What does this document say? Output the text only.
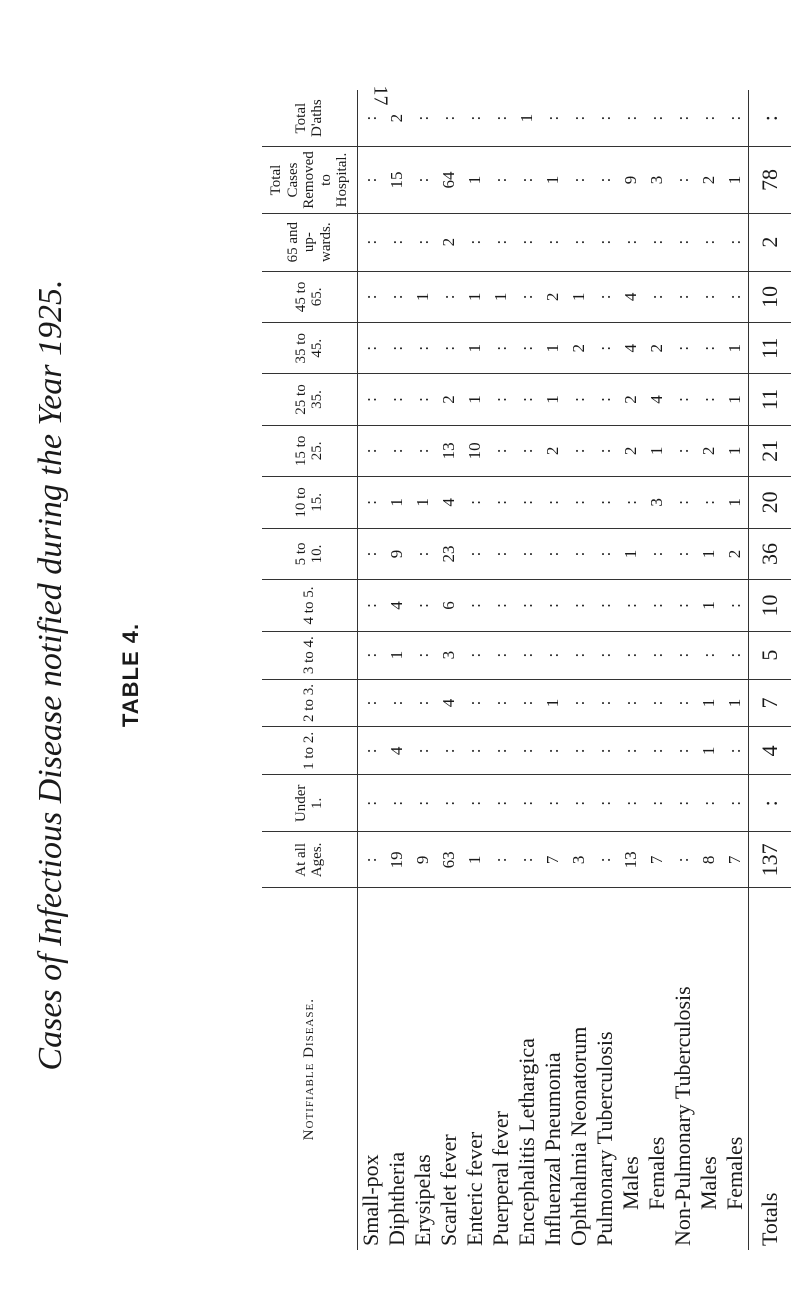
17
Cases of Infectious Disease notified during the Year 1925. TABLE 4.
Notifiable Disease.	At all Ages.	Under 1.	1 to 2.	2 to 3.	3 to 4.	4 to 5.	5 to 10.	10 to 15.	15 to 25.	25 to 35.	35 to 45.	45 to 65.	65 and up-wards.	Total Cases Removed to Hospital.	Total D'aths
Small-pox	:	:	:	:	:	:	:	:	:	:	:	:	:	:	:
Diphtheria	19	:	4	:	1	4	9	1	:	:	:	:	:	15	2
Erysipelas	9	:	:	:	:	:	:	1	:	:	:	1	:	:	:
Scarlet fever	63	:	:	4	3	6	23	4	13	2	:	:	2	64	:
Enteric fever	1	:	:	:	:	:	:	:	10	1	1	1	:	1	:
Puerperal fever	:	:	:	:	:	:	:	:	:	:	:	1	:	:	:
Encephalitis Lethargica	:	:	:	:	:	:	:	:	:	:	:	:	:	:	1
Influenzal Pneumonia	7	:	:	1	:	:	:	:	2	1	1	2	:	1	:
Ophthalmia Neonatorum	3	:	:	:	:	:	:	:	:	:	2	1	:	:	:
Pulmonary Tuberculosis	:	:	:	:	:	:	:	:	:	:	:	:	:	:	:
Males	13	:	:	:	:	:	1	:	2	2	4	4	:	9	:
Females	7	:	:	:	:	:	:	3	1	4	2	:	:	3	:
Non-Pulmonary Tuberculosis	:	:	:	:	:	:	:	:	:	:	:	:	:	:	:
Males	8	:	1	1	:	1	1	:	2	:	:	:	:	2	:
Females	7	:	:	1	:	:	2	1	1	1	1	:	:	1	:
Totals	137	:	4	7	5	10	36	20	21	11	11	10	2	78	:
